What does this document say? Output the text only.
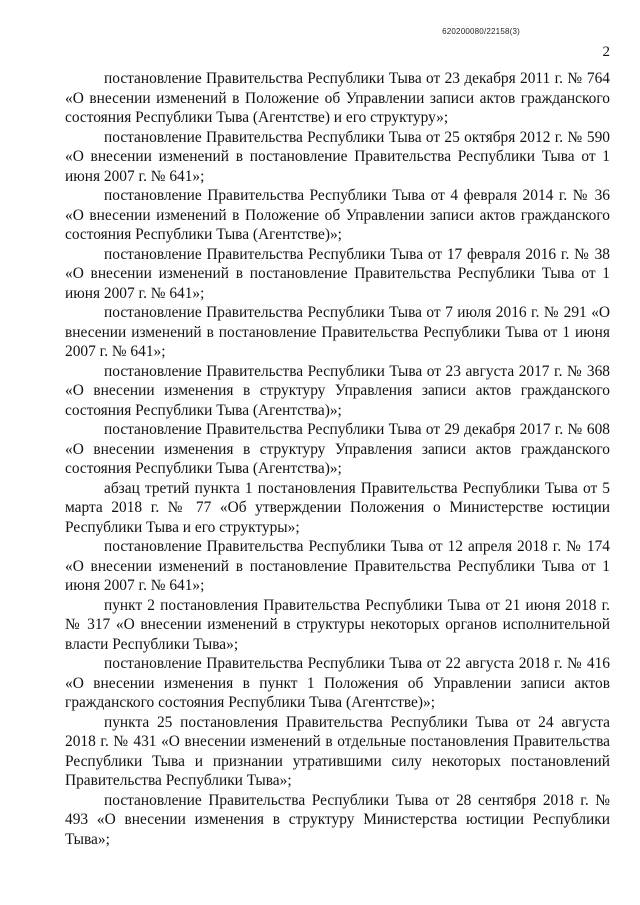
620200080/22158(3)
2

постановление Правительства Республики Тыва от 23 декабря 2011 г. № 764 «О внесении изменений в Положение об Управлении записи актов гражданского состояния Республики Тыва (Агентстве) и его структуру»;

постановление Правительства Республики Тыва от 25 октября 2012 г. № 590 «О внесении изменений в постановление Правительства Республики Тыва от 1 июня 2007 г. № 641»;

постановление Правительства Республики Тыва от 4 февраля 2014 г. № 36 «О внесении изменений в Положение об Управлении записи актов гражданского состояния Республики Тыва (Агентстве)»;

постановление Правительства Республики Тыва от 17 февраля 2016 г. № 38 «О внесении изменений в постановление Правительства Республики Тыва от 1 июня 2007 г. № 641»;

постановление Правительства Республики Тыва от 7 июля 2016 г. № 291 «О внесении изменений в постановление Правительства Республики Тыва от 1 июня 2007 г. № 641»;

постановление Правительства Республики Тыва от 23 августа 2017 г. № 368 «О внесении изменения в структуру Управления записи актов гражданского состояния Республики Тыва (Агентства)»;

постановление Правительства Республики Тыва от 29 декабря 2017 г. № 608 «О внесении изменения в структуру Управления записи актов гражданского состояния Республики Тыва (Агентства)»;

абзац третий пункта 1 постановления Правительства Республики Тыва от 5 марта 2018 г. № 77 «Об утверждении Положения о Министерстве юстиции Республики Тыва и его структуры»;

постановление Правительства Республики Тыва от 12 апреля 2018 г. № 174 «О внесении изменений в постановление Правительства Республики Тыва от 1 июня 2007 г. № 641»;

пункт 2 постановления Правительства Республики Тыва от 21 июня 2018 г. № 317 «О внесении изменений в структуры некоторых органов исполнительной власти Республики Тыва»;

постановление Правительства Республики Тыва от 22 августа 2018 г. № 416 «О внесении изменения в пункт 1 Положения об Управлении записи актов гражданского состояния Республики Тыва (Агентстве)»;

пункта 25 постановления Правительства Республики Тыва от 24 августа 2018 г. № 431 «О внесении изменений в отдельные постановления Правительства Республики Тыва и признании утратившими силу некоторых постановлений Правительства Республики Тыва»;

постановление Правительства Республики Тыва от 28 сентября 2018 г. № 493 «О внесении изменения в структуру Министерства юстиции Республики Тыва»;
